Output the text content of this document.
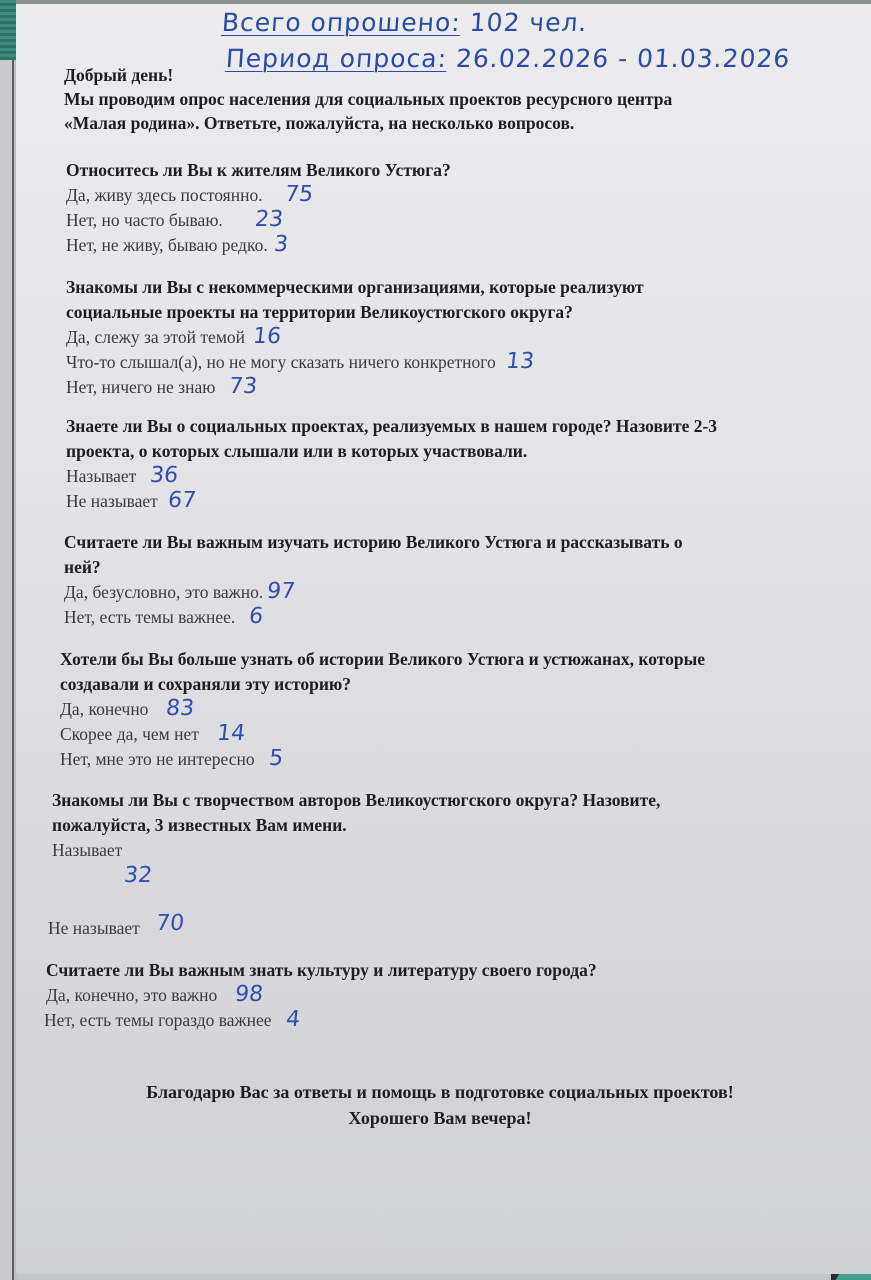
Всего опрошено: 102 чел.
Период опроса: 26.02.2026 - 01.03.2026
Добрый день!
Мы проводим опрос населения для социальных проектов ресурсного центра
«Малая родина». Ответьте, пожалуйста, на несколько вопросов.
Относитесь ли Вы к жителям Великого Устюга?
Да, живу здесь постоянно. 75
Нет, но часто бываю. 23
Нет, не живу, бываю редко. 3
Знакомы ли Вы с некоммерческими организациями, которые реализуют
социальные проекты на территории Великоустюгского округа?
Да, слежу за этой темой 16
Что-то слышал(а), но не могу сказать ничего конкретного 13
Нет, ничего не знаю 73
Знаете ли Вы о социальных проектах, реализуемых в нашем городе? Назовите 2-3
проекта, о которых слышали или в которых участвовали.
Называет 36
Не называет 67
Считаете ли Вы важным изучать историю Великого Устюга и рассказывать о
ней?
Да, безусловно, это важно. 97
Нет, есть темы важнее. 6
Хотели бы Вы больше узнать об истории Великого Устюга и устюжанах, которые
создавали и сохраняли эту историю?
Да, конечно 83
Скорее да, чем нет 14
Нет, мне это не интересно 5
Знакомы ли Вы с творчеством авторов Великоустюгского округа? Назовите,
пожалуйста, 3 известных Вам имени.
Называет32
Не называет 70
Считаете ли Вы важным знать культуру и литературу своего города?
Да, конечно, это важно 98
Нет, есть темы гораздо важнее 4
Благодарю Вас за ответы и помощь в подготовке социальных проектов!
Хорошего Вам вечера!
